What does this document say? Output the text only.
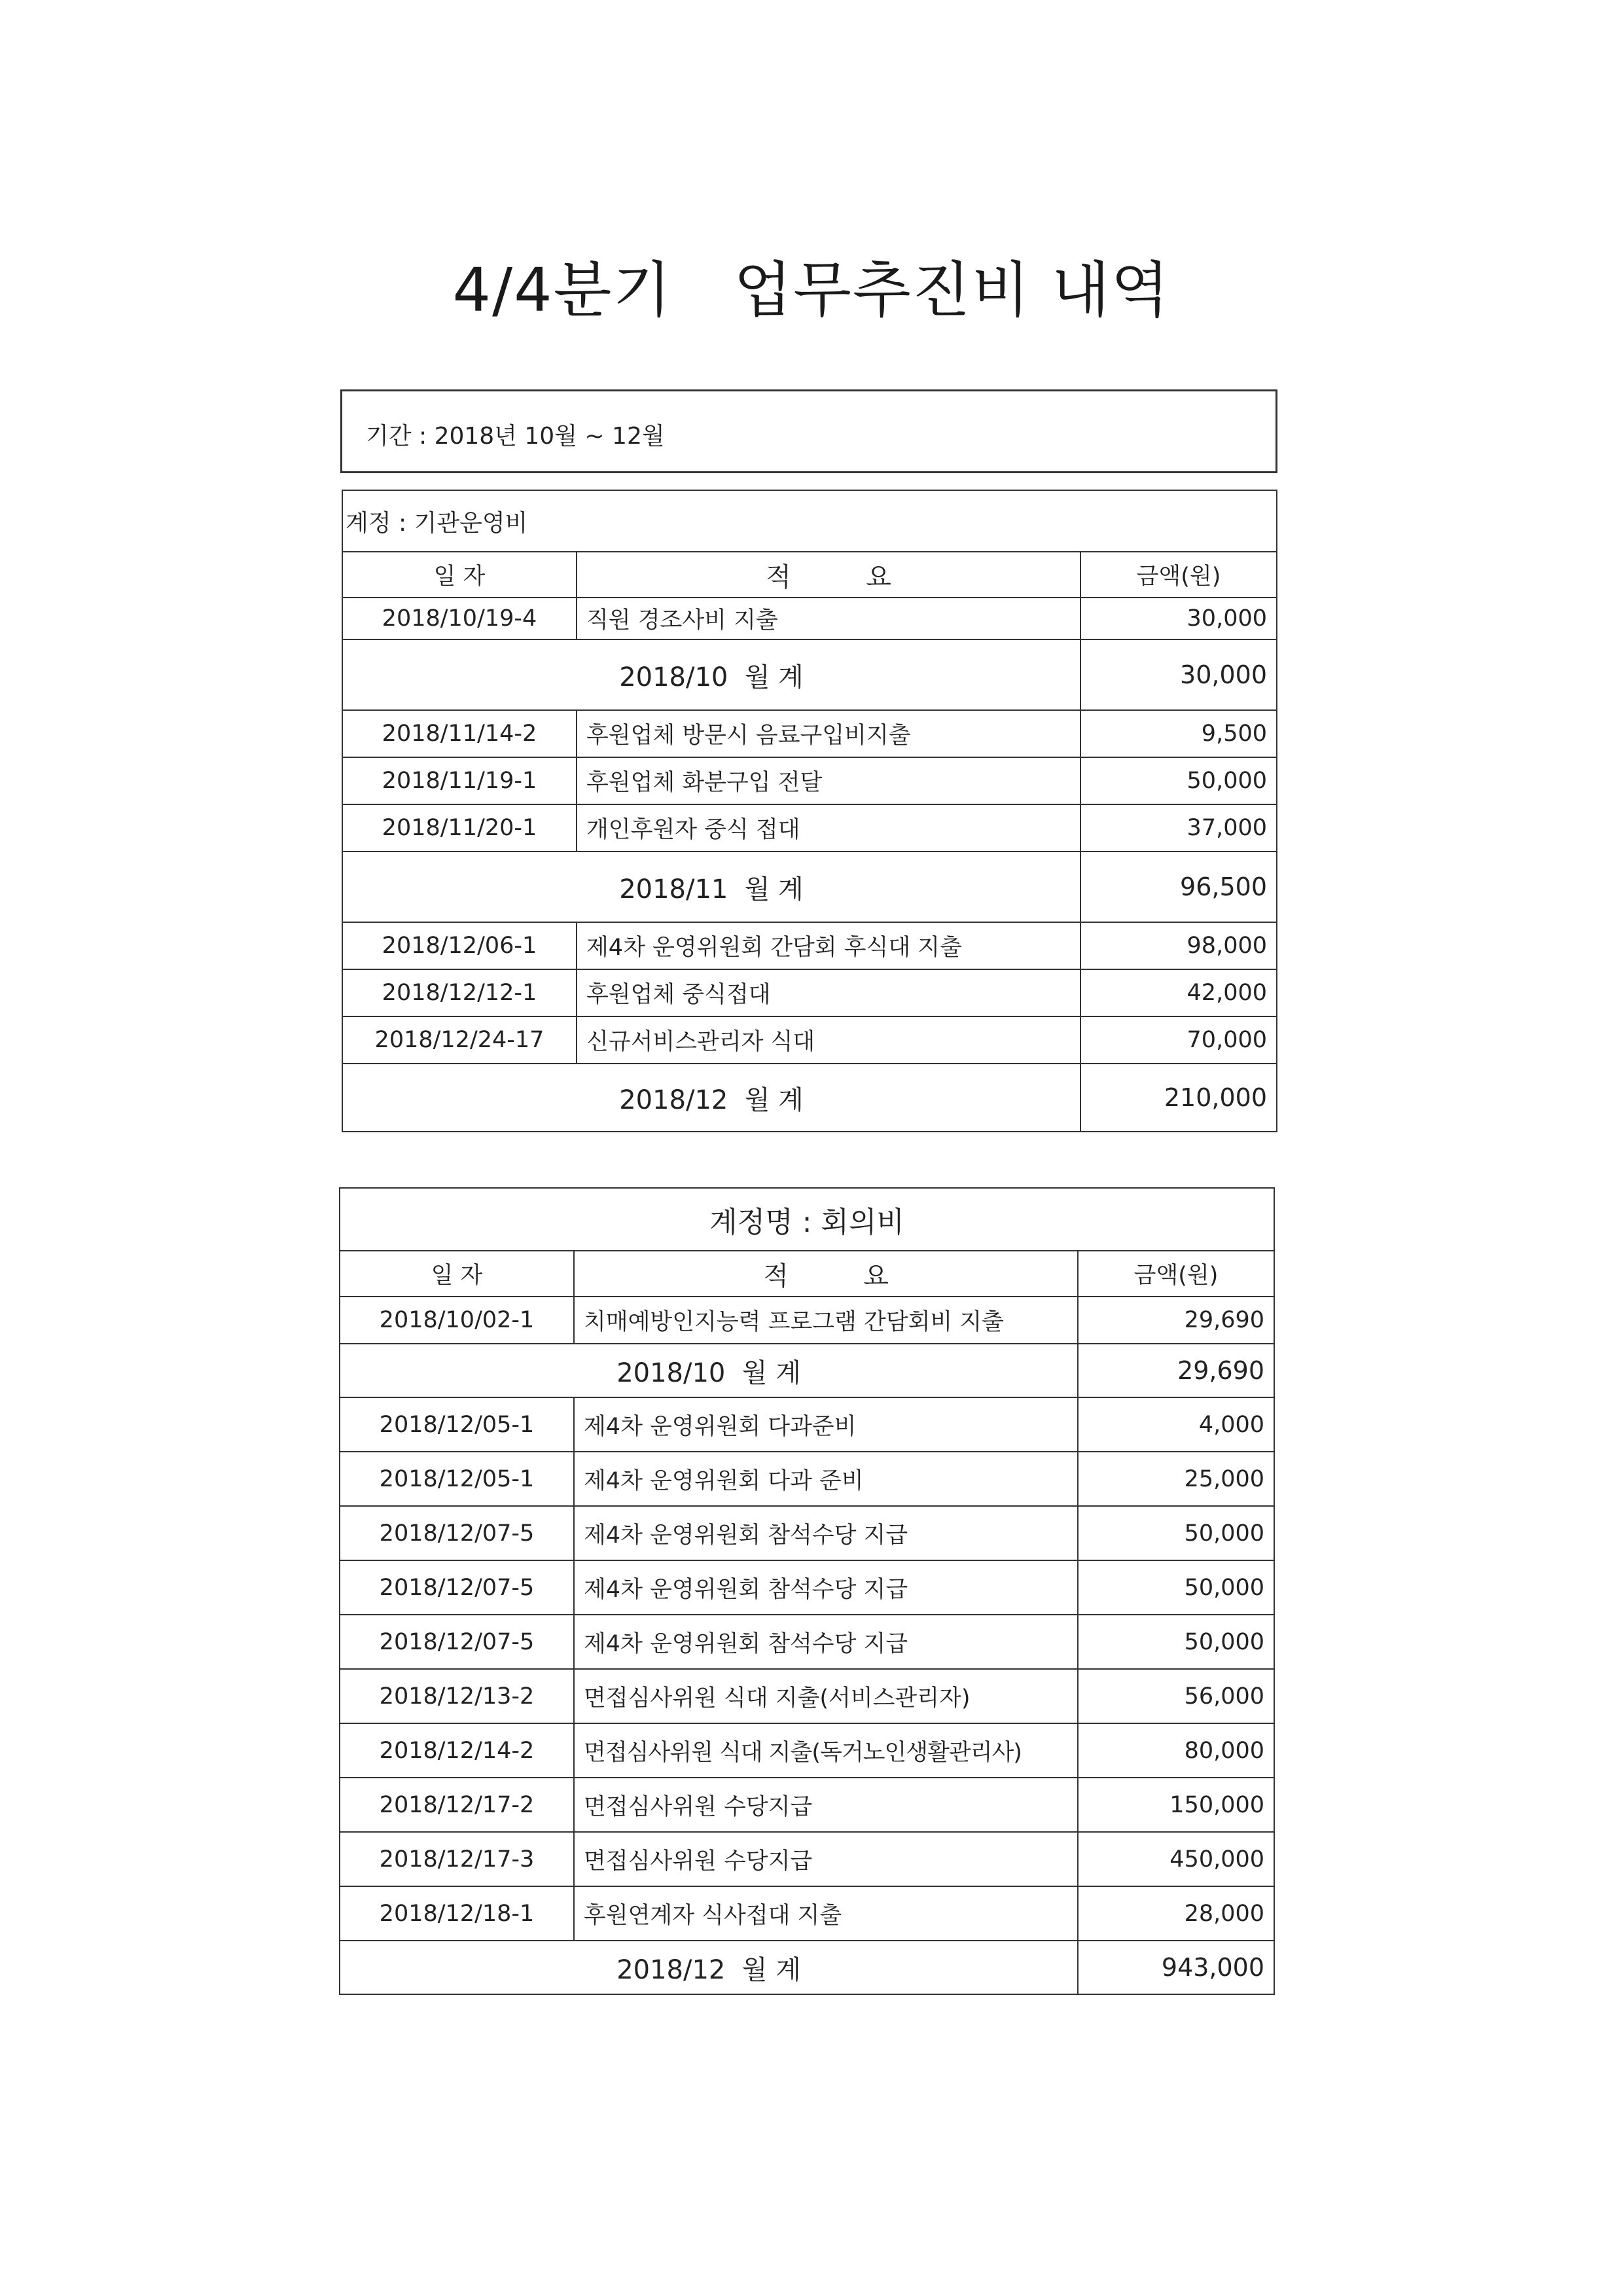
4/4분기   업무추진비 내역
기간 : 2018년 10월 ~ 12월
계정 : 기관운영비		
일 자	적         요	금액(원)
2018/10/19-4	직원 경조사비 지출	30,000
2018/10  월 계		30,000
2018/11/14-2	후원업체 방문시 음료구입비지출	9,500
2018/11/19-1	후원업체 화분구입 전달	50,000
2018/11/20-1	개인후원자 중식 접대	37,000
2018/11  월 계		96,500
2018/12/06-1	제4차 운영위원회 간담회 후식대 지출	98,000
2018/12/12-1	후원업체 중식접대	42,000
2018/12/24-17	신규서비스관리자 식대	70,000
2018/12  월 계		210,000
계정명 : 회의비		
일 자	적         요	금액(원)
2018/10/02-1	치매예방인지능력 프로그램 간담회비 지출	29,690
2018/10  월 계		29,690
2018/12/05-1	제4차 운영위원회 다과준비	4,000
2018/12/05-1	제4차 운영위원회 다과 준비	25,000
2018/12/07-5	제4차 운영위원회 참석수당 지급	50,000
2018/12/07-5	제4차 운영위원회 참석수당 지급	50,000
2018/12/07-5	제4차 운영위원회 참석수당 지급	50,000
2018/12/13-2	면접심사위원 식대 지출(서비스관리자)	56,000
2018/12/14-2	면접심사위원 식대 지출(독거노인생활관리사)	80,000
2018/12/17-2	면접심사위원 수당지급	150,000
2018/12/17-3	면접심사위원 수당지급	450,000
2018/12/18-1	후원연계자 식사접대 지출	28,000
2018/12  월 계		943,000
